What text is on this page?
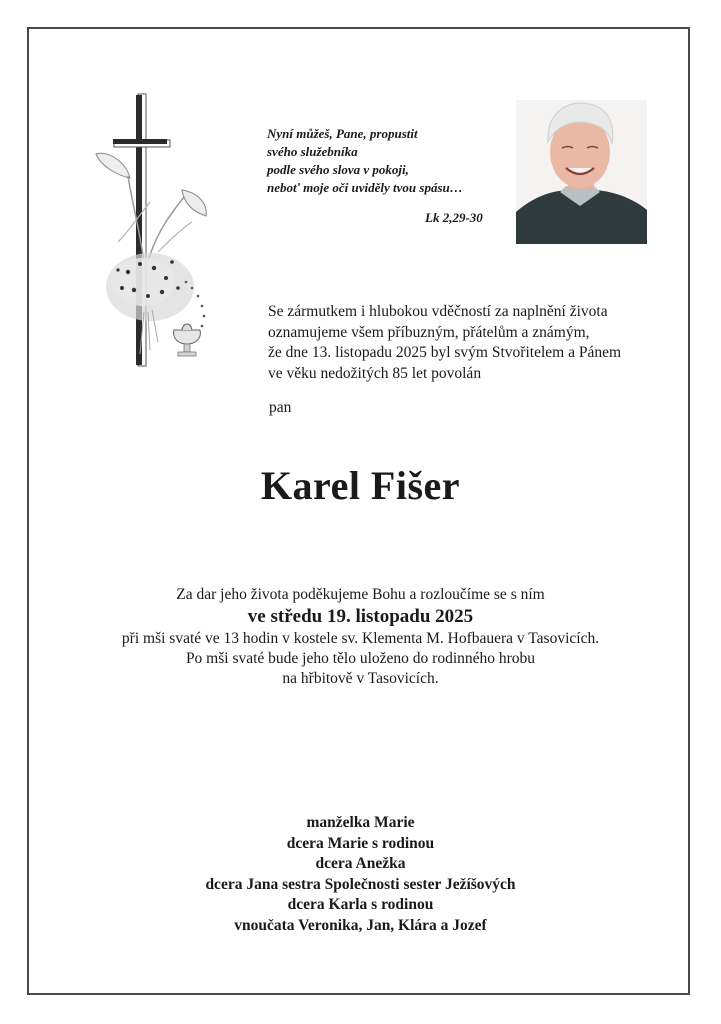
Nyní můžeš, Pane, propustit
svého služebníka
podle svého slova v pokoji,
neboť moje oči uviděly tvou spásu…
Lk 2,29-30
Se zármutkem i hlubokou vděčností za naplnění života
oznamujeme všem příbuzným, přátelům a známým,
že dne 13. listopadu 2025 byl svým Stvořitelem a Pánem
ve věku nedožitých 85 let povolán
pan
Karel Fišer
Za dar jeho života poděkujeme Bohu a rozloučíme se s ním
ve středu 19. listopadu 2025
při mši svaté ve 13 hodin v kostele sv. Klementa M. Hofbauera v Tasovicích.
Po mši svaté bude jeho tělo uloženo do rodinného hrobu
na hřbitově v Tasovicích.
manželka Marie
dcera Marie s rodinou
dcera Anežka
dcera Jana sestra Společnosti sester Ježíšových
dcera Karla s rodinou
vnoučata Veronika, Jan, Klára a Jozef
